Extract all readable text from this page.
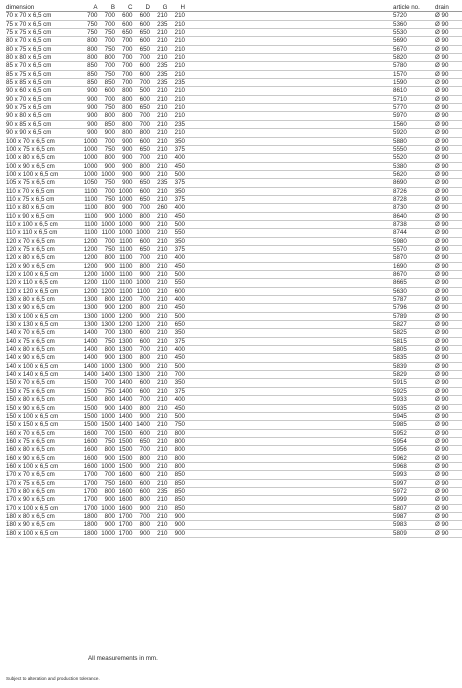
dimension	A	B	C	D	G	H		article no.	drain
70 x 70 x 6,5 cm	700	700	600	600	210	210		5720	Ø 90
75 x 70 x 6,5 cm	750	700	600	600	235	210		5360	Ø 90
75 x 75 x 6,5 cm	750	750	650	650	210	210		5530	Ø 90
80 x 70 x 6,5 cm	800	700	700	600	210	210		5690	Ø 90
80 x 75 x 6,5 cm	800	750	700	650	210	210		5670	Ø 90
80 x 80 x 6,5 cm	800	800	700	700	210	210		5820	Ø 90
85 x 70 x 6,5 cm	850	700	700	600	235	210		5780	Ø 90
85 x 75 x 6,5 cm	850	750	700	600	235	210		1570	Ø 90
85 x 85 x 6,5 cm	850	850	700	700	235	235		1590	Ø 90
90 x 60 x 6,5 cm	900	600	800	500	210	210		8610	Ø 90
90 x 70 x 6,5 cm	900	700	800	600	210	210		5710	Ø 90
90 x 75 x 6,5 cm	900	750	800	650	210	210		5770	Ø 90
90 x 80 x 6,5 cm	900	800	800	700	210	210		5970	Ø 90
90 x 85 x 6,5 cm	900	850	800	700	210	235		1560	Ø 90
90 x 90 x 6,5 cm	900	900	800	800	210	210		5920	Ø 90
100 x 70 x 6,5 cm	1000	700	900	600	210	350		5880	Ø 90
100 x 75 x 6,5 cm	1000	750	900	650	210	375		5550	Ø 90
100 x 80 x 6,5 cm	1000	800	900	700	210	400		5520	Ø 90
100 x 90 x 6,5 cm	1000	900	900	800	210	450		5380	Ø 90
100 x 100 x 6,5 cm	1000	1000	900	900	210	500		5620	Ø 90
105 x 75 x 6,5 cm	1050	750	900	650	235	375		8690	Ø 90
110 x 70 x 6,5 cm	1100	700	1000	600	210	350		8726	Ø 90
110 x 75 x 6,5 cm	1100	750	1000	650	210	375		8728	Ø 90
110 x 80 x 6,5 cm	1100	800	900	700	260	400		8730	Ø 90
110 x 90 x 6,5 cm	1100	900	1000	800	210	450		8640	Ø 90
110 x 100 x 6,5 cm	1100	1000	1000	900	210	500		8738	Ø 90
110 x 110 x 6,5 cm	1100	1100	1000	1000	210	550		8744	Ø 90
120 x 70 x 6,5 cm	1200	700	1100	600	210	350		5980	Ø 90
120 x 75 x 6,5 cm	1200	750	1100	650	210	375		5570	Ø 90
120 x 80 x 6,5 cm	1200	800	1100	700	210	400		5870	Ø 90
120 x 90 x 6,5 cm	1200	900	1100	800	210	450		1690	Ø 90
120 x 100 x 6,5 cm	1200	1000	1100	900	210	500		8670	Ø 90
120 x 110 x 6,5 cm	1200	1100	1100	1000	210	550		8665	Ø 90
120 x 120 x 6,5 cm	1200	1200	1100	1100	210	600		5630	Ø 90
130 x 80 x 6,5 cm	1300	800	1200	700	210	400		5787	Ø 90
130 x 90 x 6,5 cm	1300	900	1200	800	210	450		5796	Ø 90
130 x 100 x 6,5 cm	1300	1000	1200	900	210	500		5789	Ø 90
130 x 130 x 6,5 cm	1300	1300	1200	1200	210	650		5827	Ø 90
140 x 70 x 6,5 cm	1400	700	1300	600	210	350		5825	Ø 90
140 x 75 x 6,5 cm	1400	750	1300	600	210	375		5815	Ø 90
140 x 80 x 6,5 cm	1400	800	1300	700	210	400		5805	Ø 90
140 x 90 x 6,5 cm	1400	900	1300	800	210	450		5835	Ø 90
140 x 100 x 6,5 cm	1400	1000	1300	900	210	500		5839	Ø 90
140 x 140 x 6,5 cm	1400	1400	1300	1300	210	700		5829	Ø 90
150 x 70 x 6,5 cm	1500	700	1400	600	210	350		5915	Ø 90
150 x 75 x 6,5 cm	1500	750	1400	600	210	375		5925	Ø 90
150 x 80 x 6,5 cm	1500	800	1400	700	210	400		5933	Ø 90
150 x 90 x 6,5 cm	1500	900	1400	800	210	450		5935	Ø 90
150 x 100 x 6,5 cm	1500	1000	1400	900	210	500		5945	Ø 90
150 x 150 x 6,5 cm	1500	1500	1400	1400	210	750		5985	Ø 90
160 x 70 x 6,5 cm	1600	700	1500	600	210	800		5952	Ø 90
160 x 75 x 6,5 cm	1600	750	1500	650	210	800		5954	Ø 90
160 x 80 x 6,5 cm	1600	800	1500	700	210	800		5956	Ø 90
160 x 90 x 6,5 cm	1600	900	1500	800	210	800		5962	Ø 90
160 x 100 x 6,5 cm	1600	1000	1500	900	210	800		5968	Ø 90
170 x 70 x 6,5 cm	1700	700	1600	600	210	850		5993	Ø 90
170 x 75 x 6,5 cm	1700	750	1600	600	210	850		5997	Ø 90
170 x 80 x 6,5 cm	1700	800	1600	600	235	850		5972	Ø 90
170 x 90 x 6,5 cm	1700	900	1600	800	210	850		5999	Ø 90
170 x 100 x 6,5 cm	1700	1000	1600	900	210	850		5807	Ø 90
180 x 80 x 6,5 cm	1800	800	1700	700	210	900		5987	Ø 90
180 x 90 x 6,5 cm	1800	900	1700	800	210	900		5983	Ø 90
180 x 100 x 6,5 cm	1800	1000	1700	900	210	900		5809	Ø 90
All measurements in mm.
Subject to alteration and production tolerance.
